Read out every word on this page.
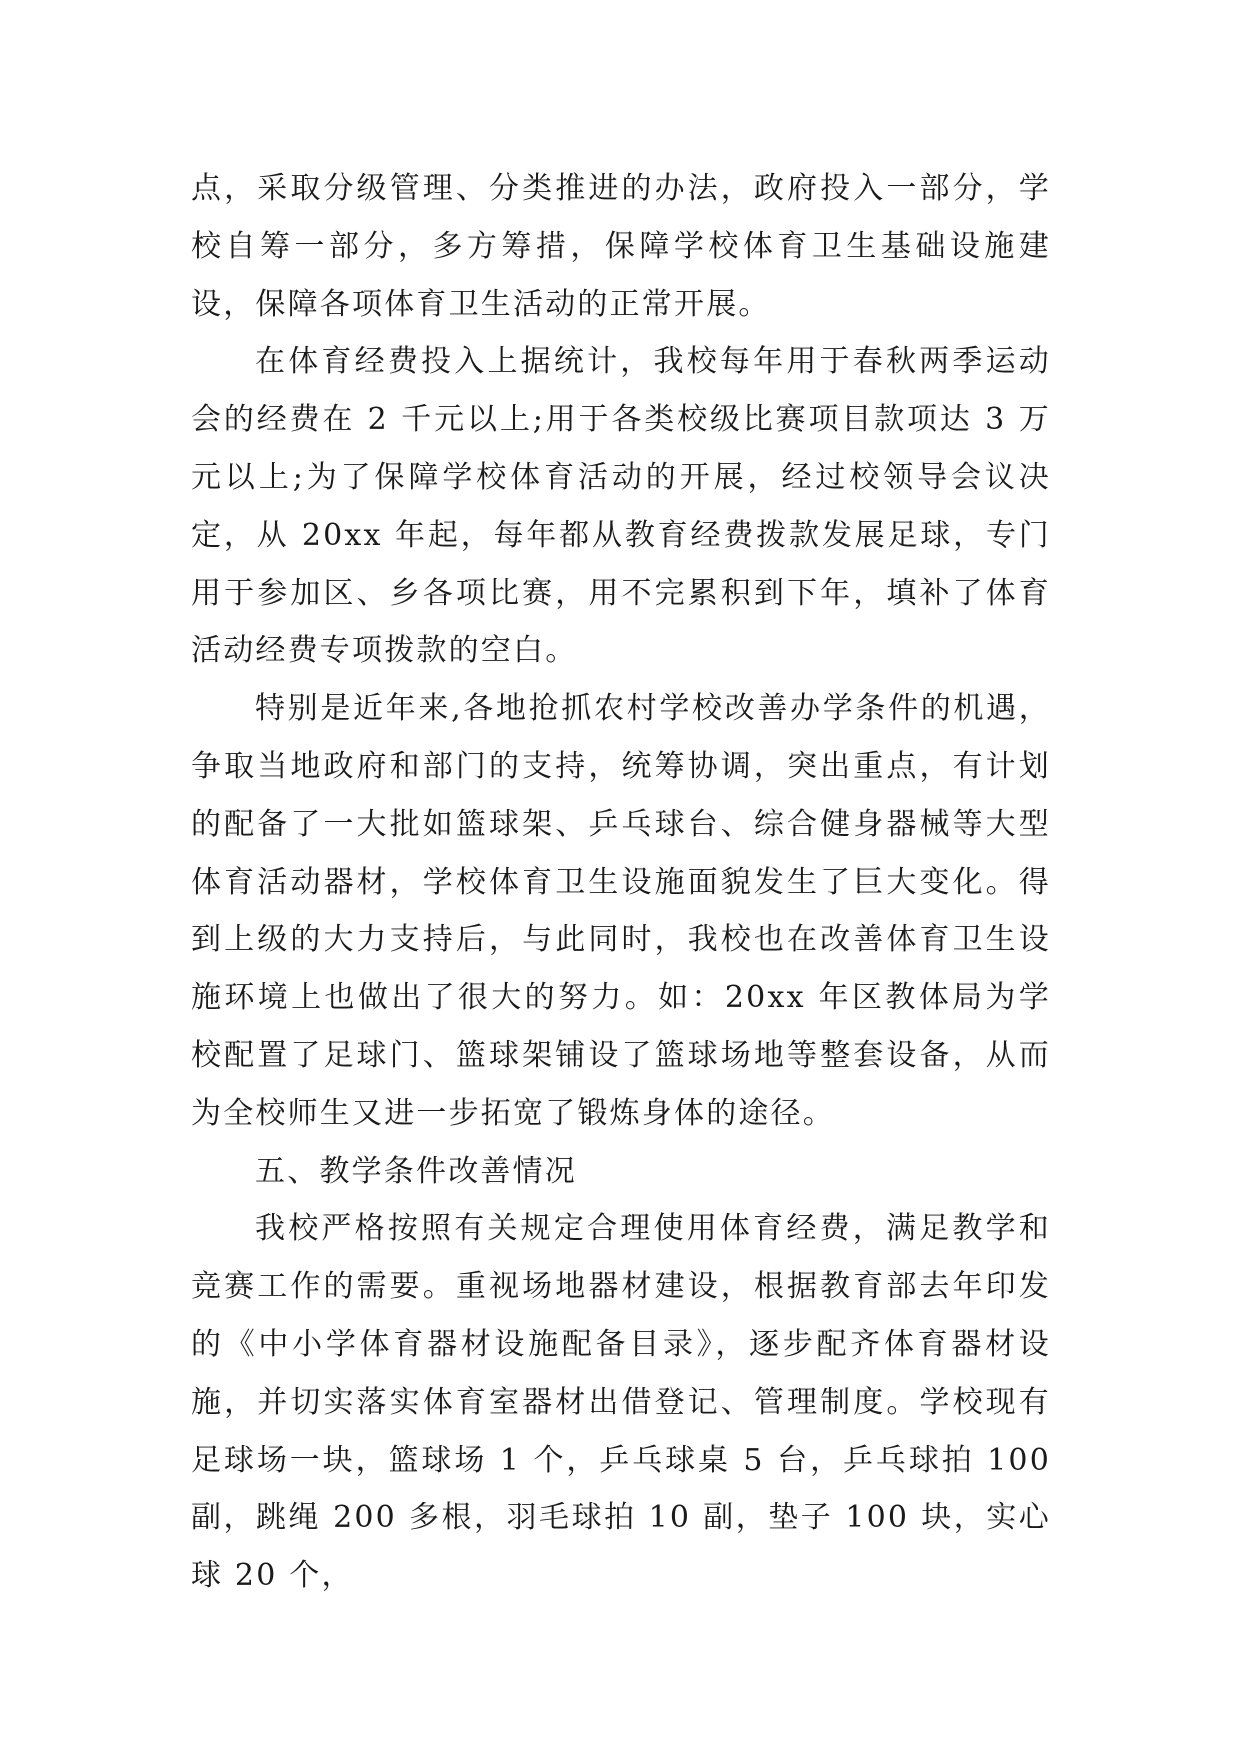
点，采取分级管理、分类推进的办法，政府投入一部分，学校自筹一部分，多方筹措，保障学校体育卫生基础设施建设，保障各项体育卫生活动的正常开展。

在体育经费投入上据统计，我校每年用于春秋两季运动会的经费在 2 千元以上;用于各类校级比赛项目款项达 3 万元以上;为了保障学校体育活动的开展，经过校领导会议决定，从 20xx 年起，每年都从教育经费拨款发展足球，专门用于参加区、乡各项比赛，用不完累积到下年，填补了体育活动经费专项拨款的空白。

特别是近年来,各地抢抓农村学校改善办学条件的机遇，争取当地政府和部门的支持，统筹协调，突出重点，有计划的配备了一大批如篮球架、乒乓球台、综合健身器械等大型体育活动器材，学校体育卫生设施面貌发生了巨大变化。得到上级的大力支持后，与此同时，我校也在改善体育卫生设施环境上也做出了很大的努力。如：20xx 年区教体局为学校配置了足球门、篮球架铺设了篮球场地等整套设备，从而为全校师生又进一步拓宽了锻炼身体的途径。

五、教学条件改善情况

我校严格按照有关规定合理使用体育经费，满足教学和竞赛工作的需要。重视场地器材建设，根据教育部去年印发的《中小学体育器材设施配备目录》，逐步配齐体育器材设施，并切实落实体育室器材出借登记、管理制度。学校现有足球场一块，篮球场 1 个，乒乓球桌 5 台，乒乓球拍 100 副，跳绳 200 多根，羽毛球拍 10 副，垫子 100 块，实心球 20 个，
